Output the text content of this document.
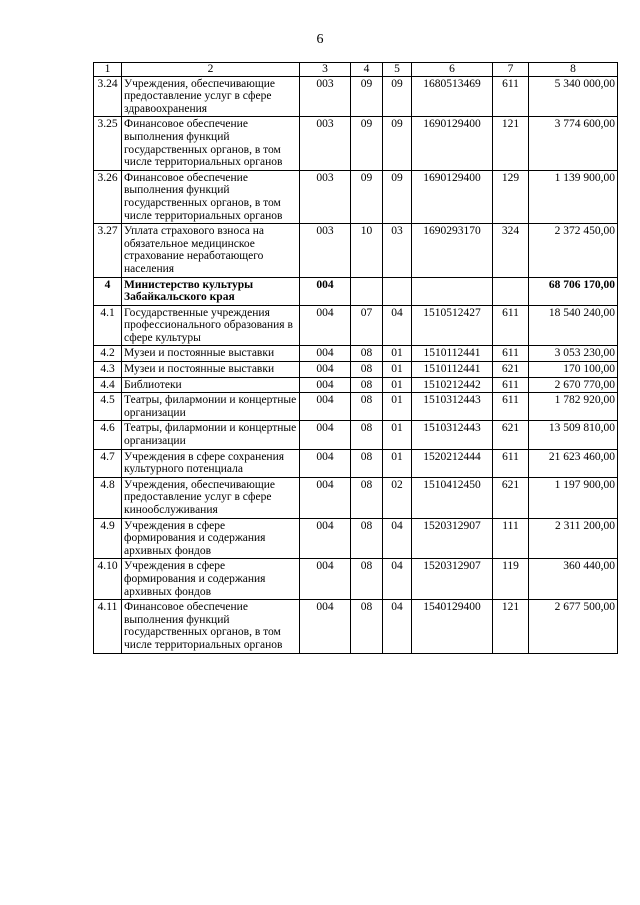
6
1	2	3	4	5	6	7	8
3.24	Учреждения, обеспечивающие предоставление услуг в сфере здравоохранения	003	09	09	1680513469	611	5 340 000,00
3.25	Финансовое обеспечение выполнения функций государственных органов, в том числе территориальных органов	003	09	09	1690129400	121	3 774 600,00
3.26	Финансовое обеспечение выполнения функций государственных органов, в том числе территориальных органов	003	09	09	1690129400	129	1 139 900,00
3.27	Уплата страхового взноса на обязательное медицинское страхование неработающего населения	003	10	03	1690293170	324	2 372 450,00
4	Министерство культуры Забайкальского края	004					68 706 170,00
4.1	Государственные учреждения профессионального образования в сфере культуры	004	07	04	1510512427	611	18 540 240,00
4.2	Музеи и постоянные выставки	004	08	01	1510112441	611	3 053 230,00
4.3	Музеи и постоянные выставки	004	08	01	1510112441	621	170 100,00
4.4	Библиотеки	004	08	01	1510212442	611	2 670 770,00
4.5	Театры, филармонии и концертные организации	004	08	01	1510312443	611	1 782 920,00
4.6	Театры, филармонии и концертные организации	004	08	01	1510312443	621	13 509 810,00
4.7	Учреждения в сфере сохранения культурного потенциала	004	08	01	1520212444	611	21 623 460,00
4.8	Учреждения, обеспечивающие предоставление услуг в сфере кинообслуживания	004	08	02	1510412450	621	1 197 900,00
4.9	Учреждения в сфере формирования и содержания архивных фондов	004	08	04	1520312907	111	2 311 200,00
4.10	Учреждения в сфере формирования и содержания архивных фондов	004	08	04	1520312907	119	360 440,00
4.11	Финансовое обеспечение выполнения функций государственных органов, в том числе территориальных органов	004	08	04	1540129400	121	2 677 500,00
